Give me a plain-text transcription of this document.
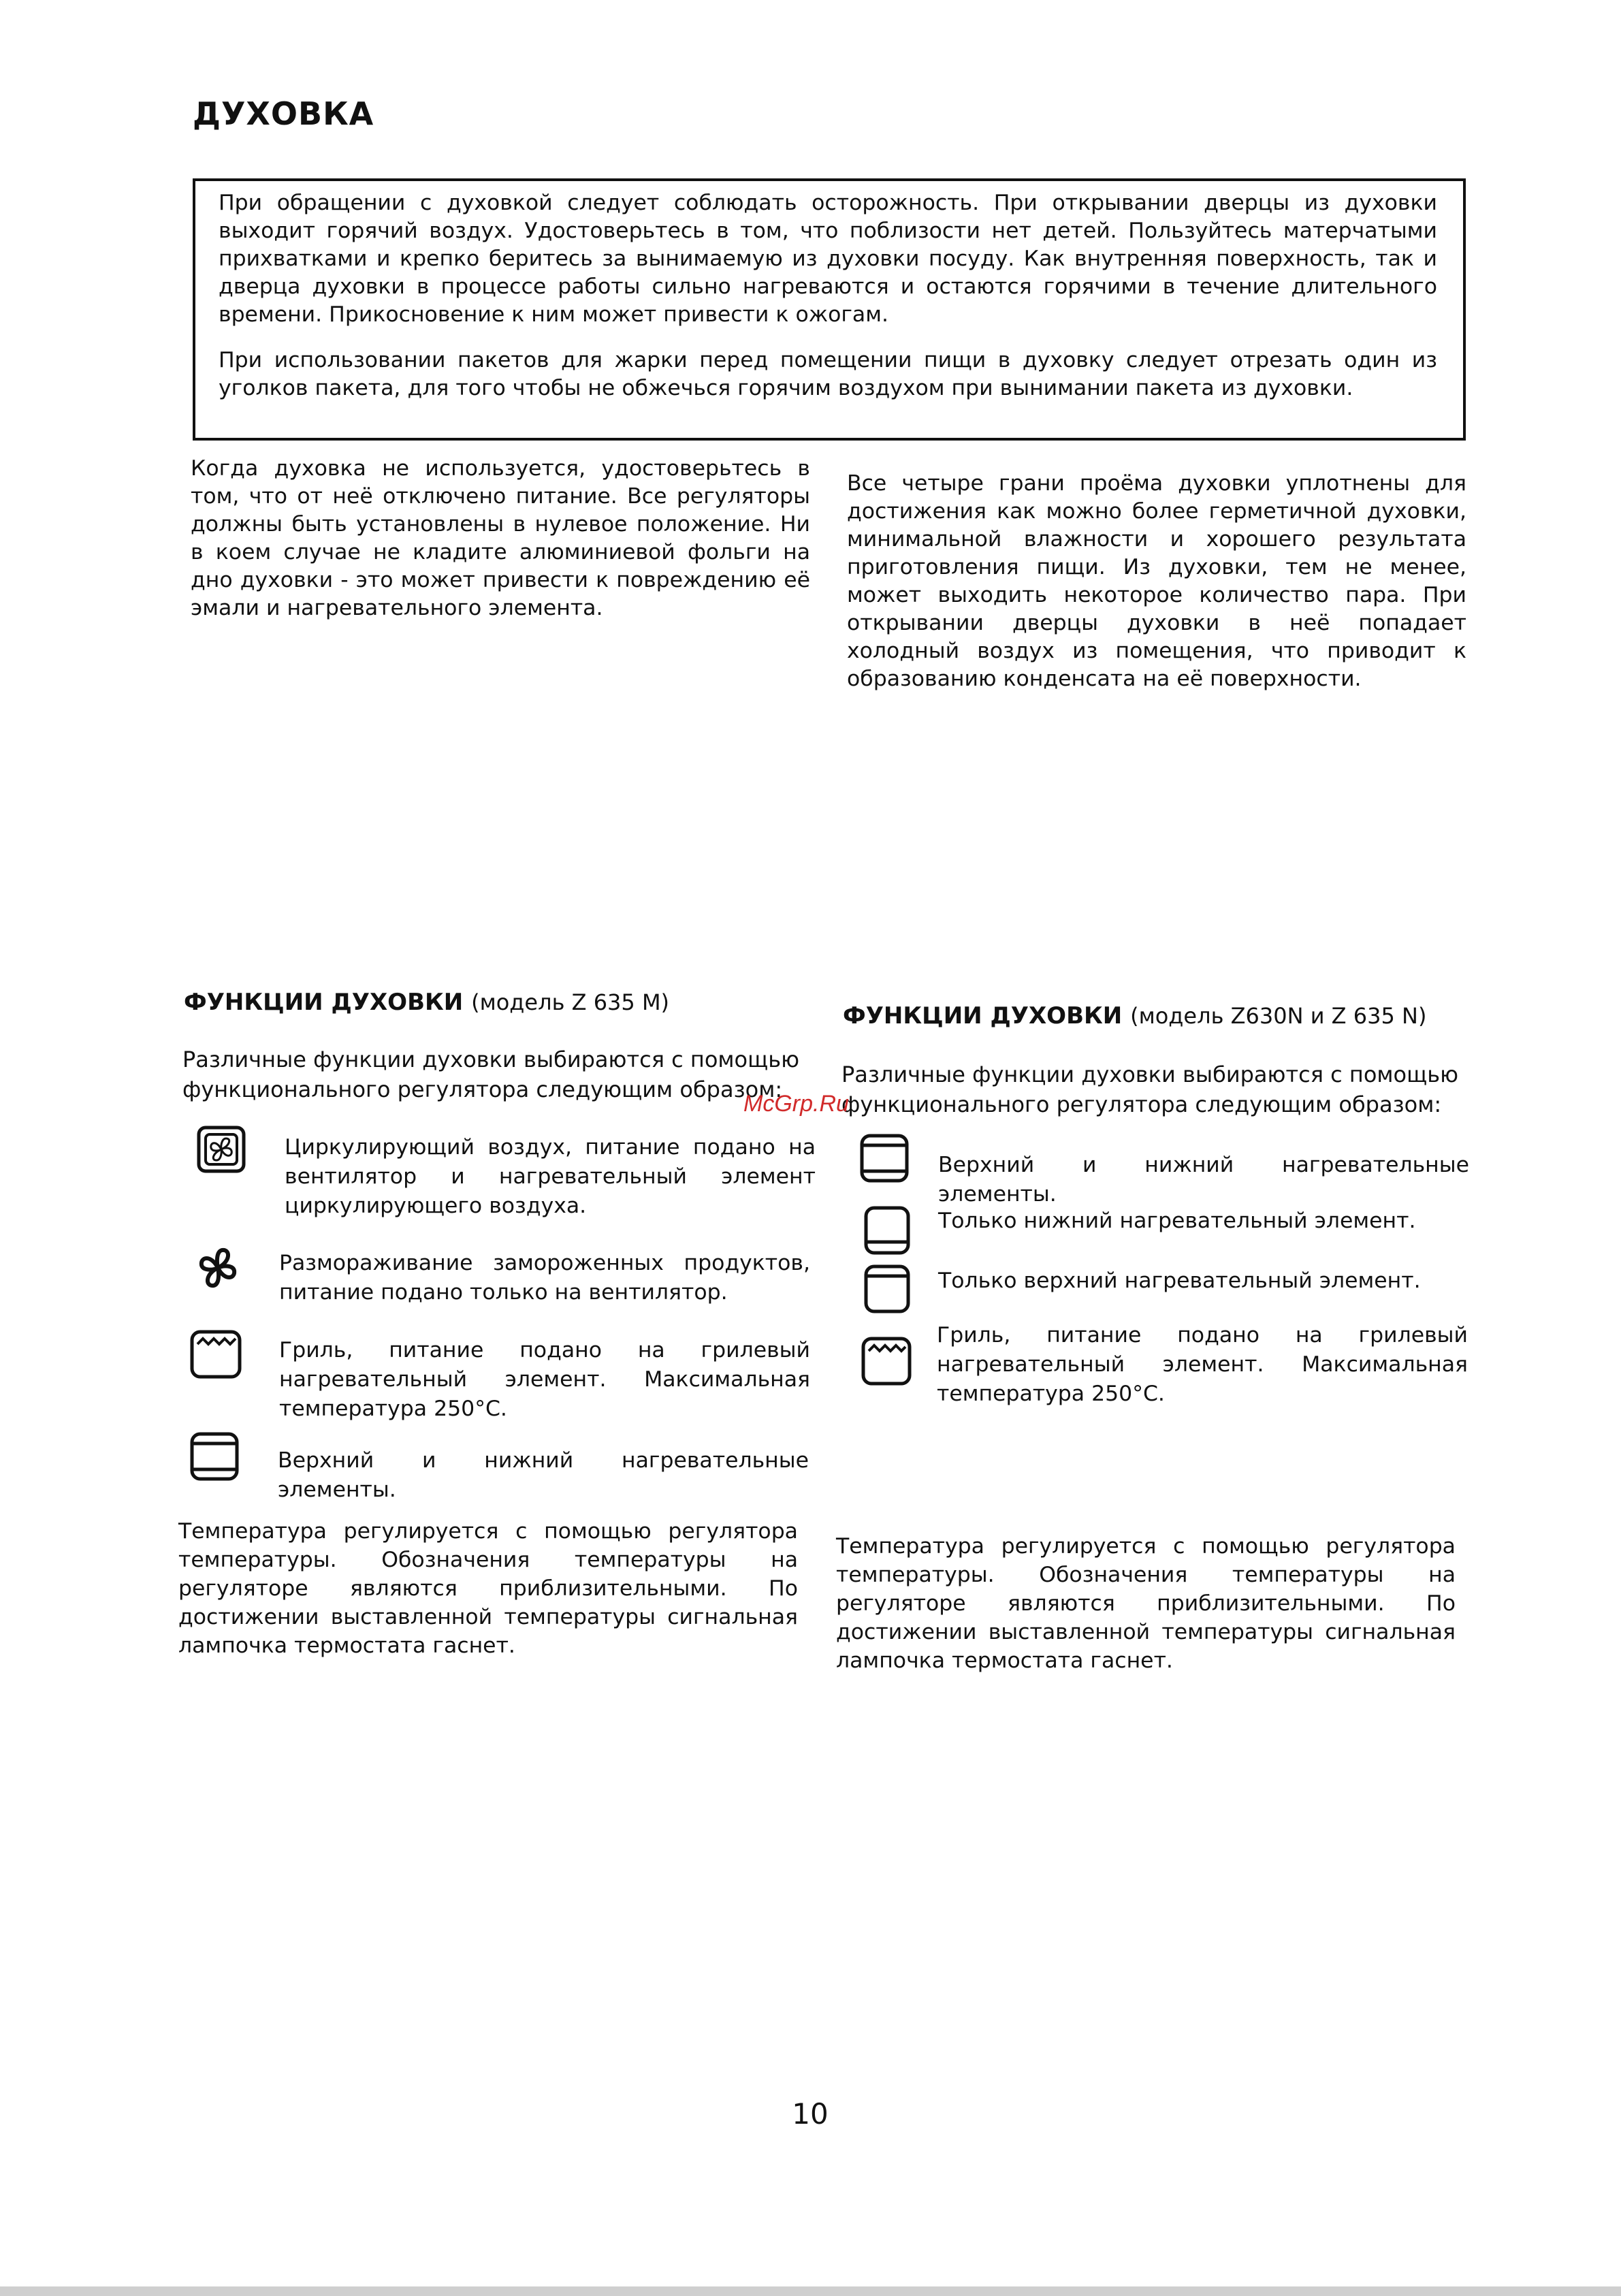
ДУХОВКА

При обращении с духовкой следует соблюдать осторожность. При открывании дверцы из духовки выходит горячий воздух. Удостоверьтесь в том, что поблизости нет детей. Пользуйтесь матерчатыми прихватками и крепко беритесь за вынимаемую из духовки посуду. Как внутренняя поверхность, так и дверца духовки в процессе работы сильно нагреваются и остаются горячими в течение длительного времени. Прикосновение к ним может привести к ожогам.

При использовании пакетов для жарки перед помещении пищи в духовку следует отрезать один из уголков пакета, для того чтобы не обжечься горячим воздухом при вынимании пакета из духовки.

Когда духовка не используется, удостоверьтесь в том, что от неё отключено питание. Все регуляторы должны быть установлены в нулевое положение. Ни в коем случае не кладите алюминиевой фольги на дно духовки - это может привести к повреждению её эмали и нагревательного элемента.

Все четыре грани проёма духовки уплотнены для достижения как можно более герметичной духовки, минимальной влажности и хорошего результата приготовления пищи. Из духовки, тем не менее, может выходить некоторое количество пара. При открывании дверцы духовки в неё попадает холодный воздух из помещения, что приводит к образованию конденсата на её поверхности.

ФУНКЦИИ ДУХОВКИ (модель Z 635 M)
Различные функции духовки выбираются с помощью функционального регулятора следующим образом:
Циркулирующий воздух, питание подано на вентилятор и нагревательный элемент циркулирующего воздуха.
Размораживание замороженных продуктов, питание подано только на вентилятор.
Гриль, питание подано на грилевый нагревательный элемент. Максимальная температура 250°С.
Верхний и нижний нагревательные элементы.
Температура регулируется с помощью регулятора температуры. Обозначения температуры на регуляторе являются приблизительными. По достижении выставленной температуры сигнальная лампочка термостата гаснет.
ФУНКЦИИ ДУХОВКИ (модель Z630N и Z 635 N)
Различные функции духовки выбираются с помощью функционального регулятора следующим образом:
Верхний и нижний нагревательные элементы.
Только нижний нагревательный элемент.
Только верхний нагревательный элемент.
Гриль, питание подано на грилевый нагревательный элемент. Максимальная температура 250°С.
Температура регулируется с помощью регулятора температуры. Обозначения температуры на регуляторе являются приблизительными. По достижении выставленной температуры сигнальная лампочка термостата гаснет.
McGrp.Ru
10
